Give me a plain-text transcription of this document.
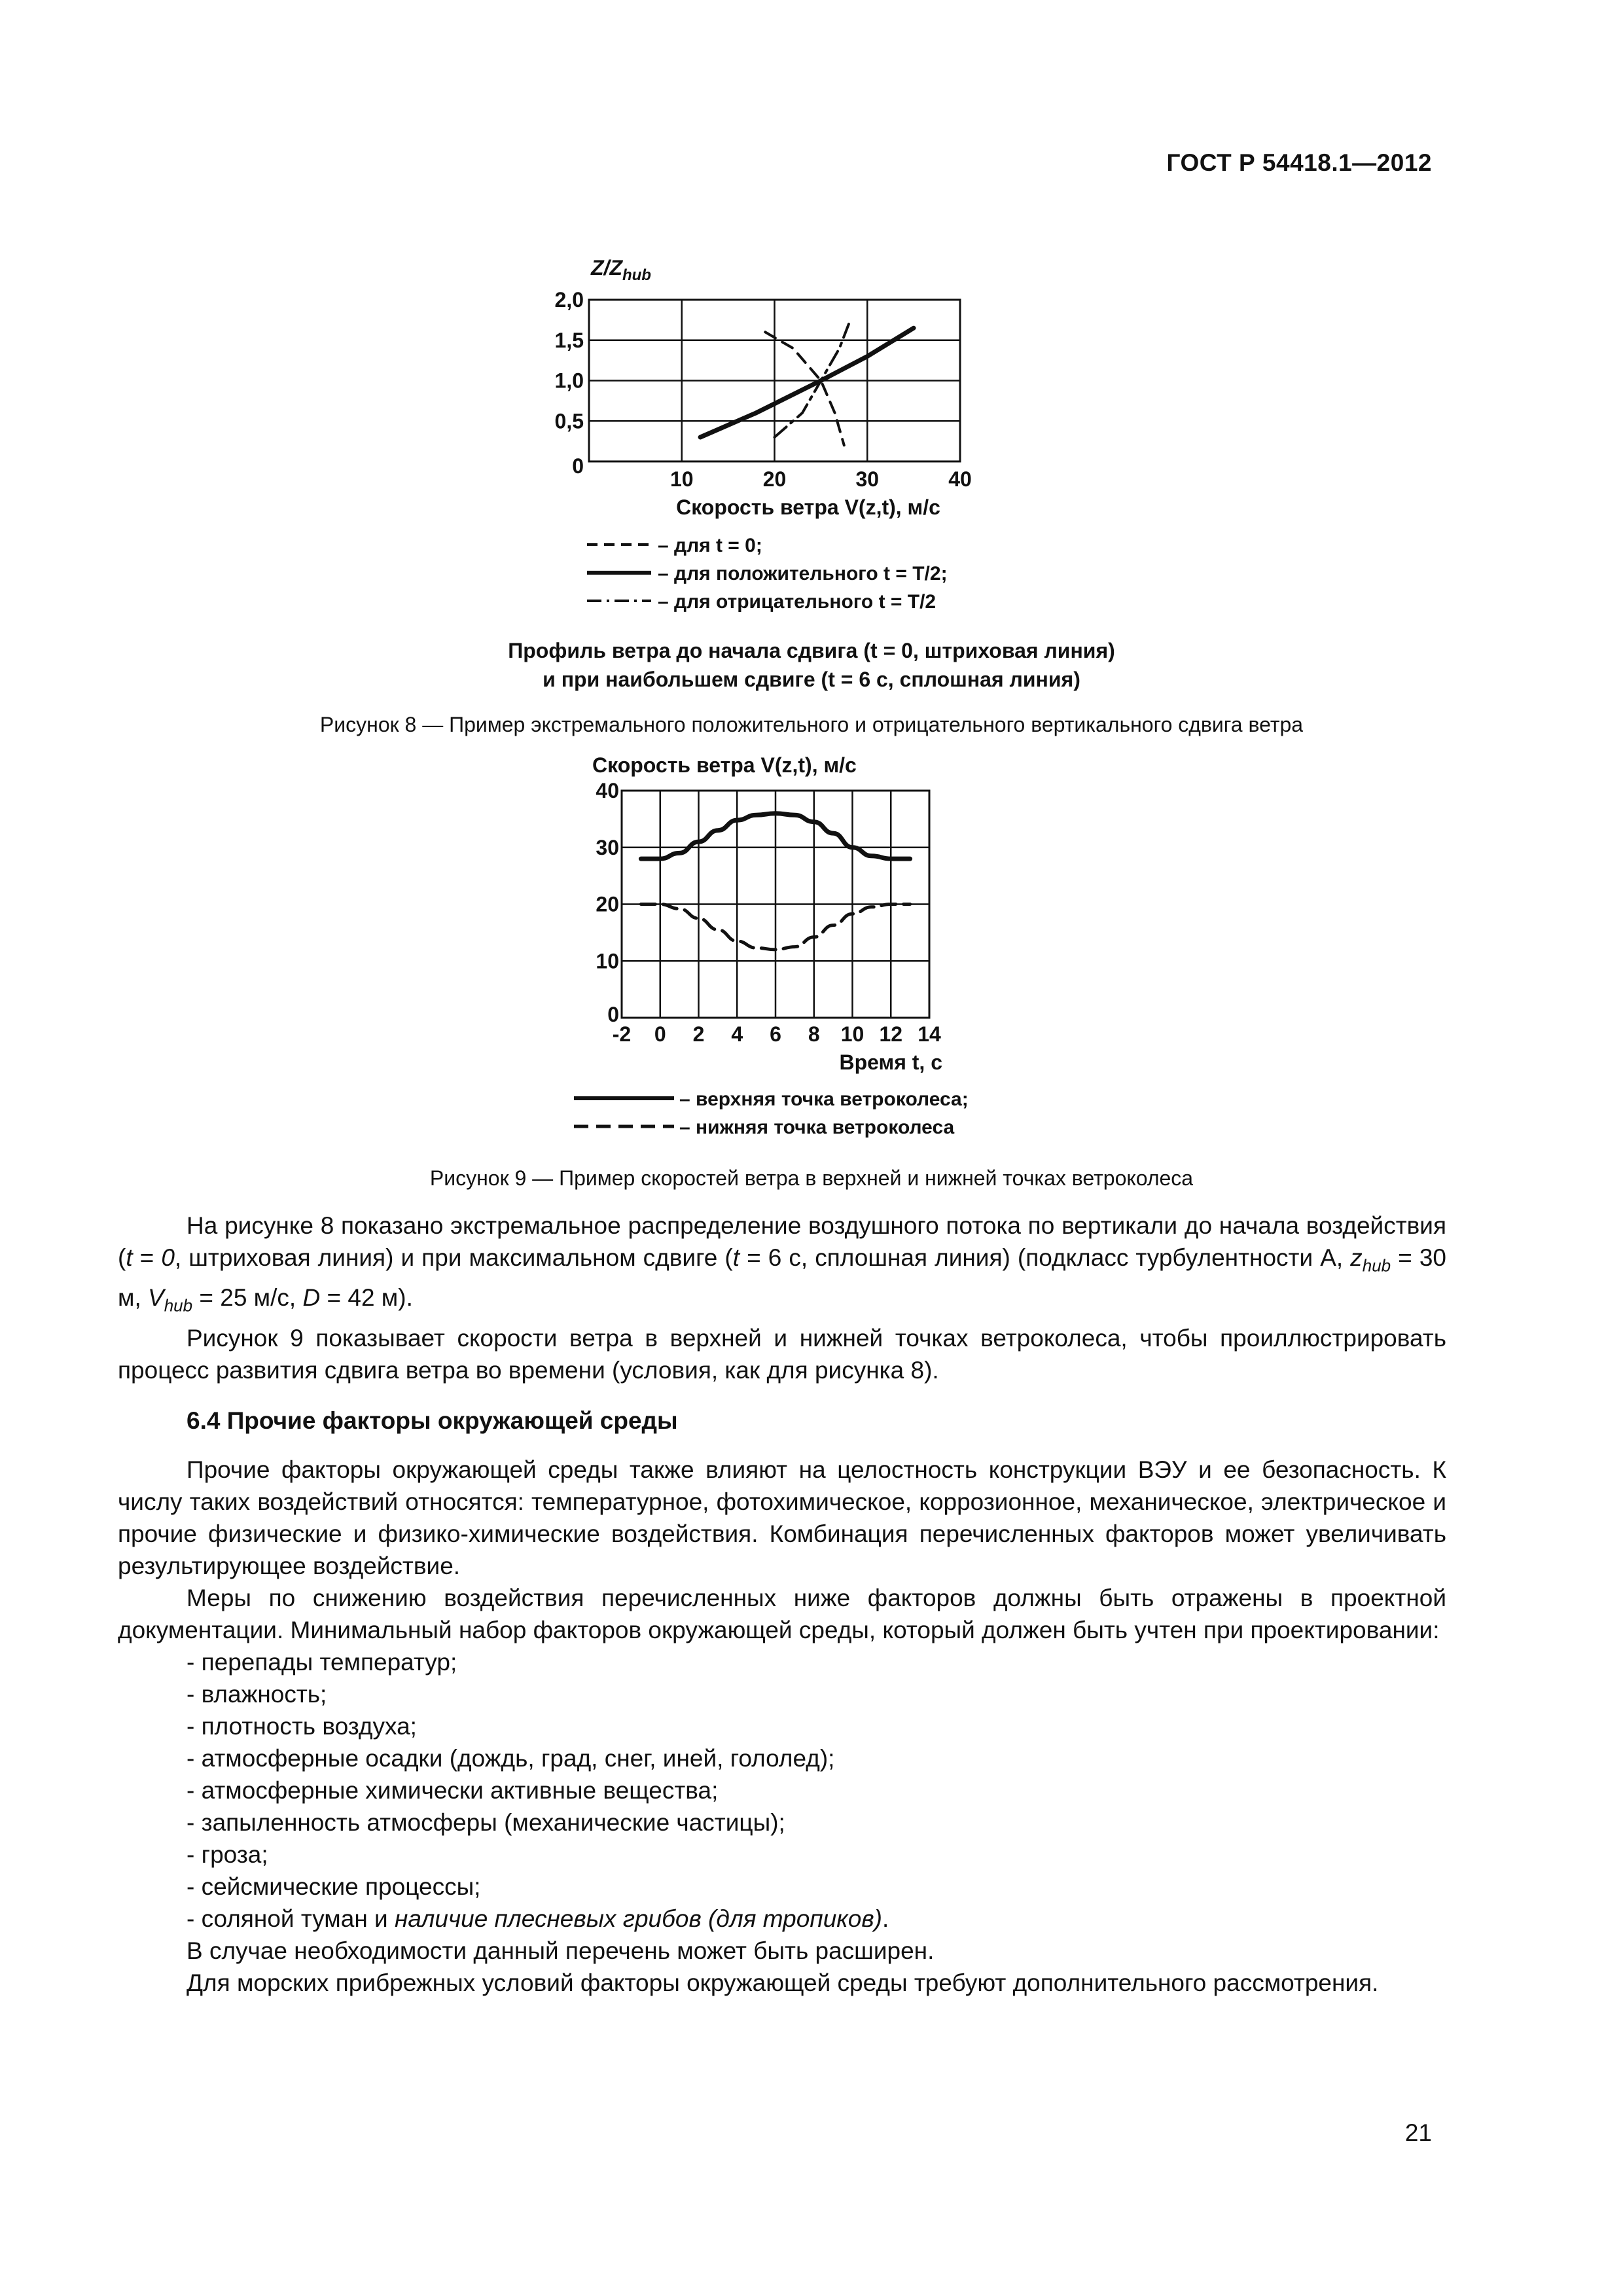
ГОСТ Р 54418.1—2012
$Z/Z_{hub}$
0
0,5
1,0
1,5
2,0
10	20	30	40
Скорость ветра V(z,t), м/с
– для t = 0;
– для положительного t = T/2;
– для отрицательного t = T/2
Профиль ветра до начала сдвига (t = 0, штриховая линия)
и при наибольшем сдвиге (t = 6 с, сплошная линия)
Рисунок 8 — Пример экстремального положительного и отрицательного вертикального сдвига ветра
Скорость ветра V(z,t), м/с
0
10
20
30
40
-2 0 2 4 6 8 10 12 14
Время t, с
– верхняя точка ветроколеса;
– нижняя точка ветроколеса
Рисунок 9 — Пример скоростей ветра в верхней и нижней точках ветроколеса

На рисунке 8 показано экстремальное распределение воздушного потока по вертикали до начала воздействия (t = 0, штриховая линия) и при максимальном сдвиге (t = 6 с, сплошная линия) (подкласс турбулентности А, $z_{hub} = 30$ м, $V_{hub} = 25$ м/с, D = 42 м).

Рисунок 9 показывает скорости ветра в верхней и нижней точках ветроколеса, чтобы проиллюстрировать процесс развития сдвига ветра во времени (условия, как для рисунка 8).

6.4 Прочие факторы окружающей среды

Прочие факторы окружающей среды также влияют на целостность конструкции ВЭУ и ее безопасность. К числу таких воздействий относятся: температурное, фотохимическое, коррозионное, механическое, электрическое и прочие физические и физико-химические воздействия. Комбинация перечисленных факторов может увеличивать результирующее воздействие.

Меры по снижению воздействия перечисленных ниже факторов должны быть отражены в проектной документации. Минимальный набор факторов окружающей среды, который должен быть учтен при проектировании:

- перепады температур;
- влажность;
- плотность воздуха;
- атмосферные осадки (дождь, град, снег, иней, гололед);
- атмосферные химически активные вещества;
- запыленность атмосферы (механические частицы);
- гроза;
- сейсмические процессы;
- соляной туман и наличие плесневых грибов (для тропиков).

В случае необходимости данный перечень может быть расширен.

Для морских прибрежных условий факторы окружающей среды требуют дополнительного рассмотрения.

21
